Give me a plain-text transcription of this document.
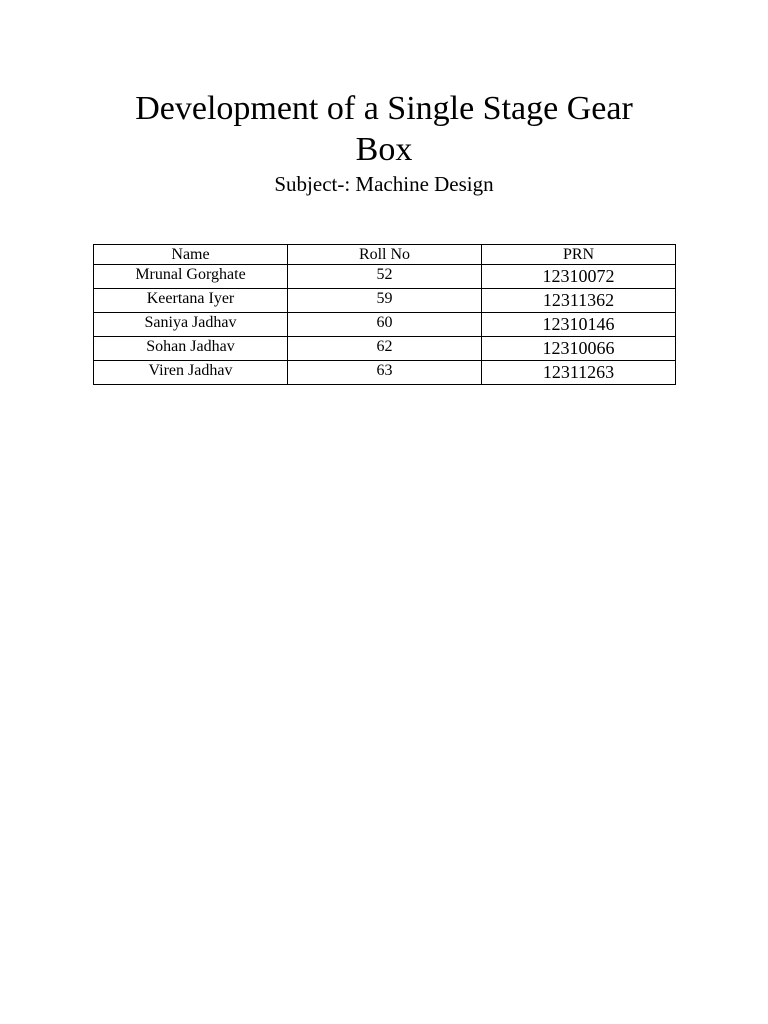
Development of a Single Stage Gear Box

Subject-: Machine Design

Name	Roll No	PRN
Mrunal Gorghate	52	12310072
Keertana Iyer	59	12311362
Saniya Jadhav	60	12310146
Sohan Jadhav	62	12310066
Viren Jadhav	63	12311263
